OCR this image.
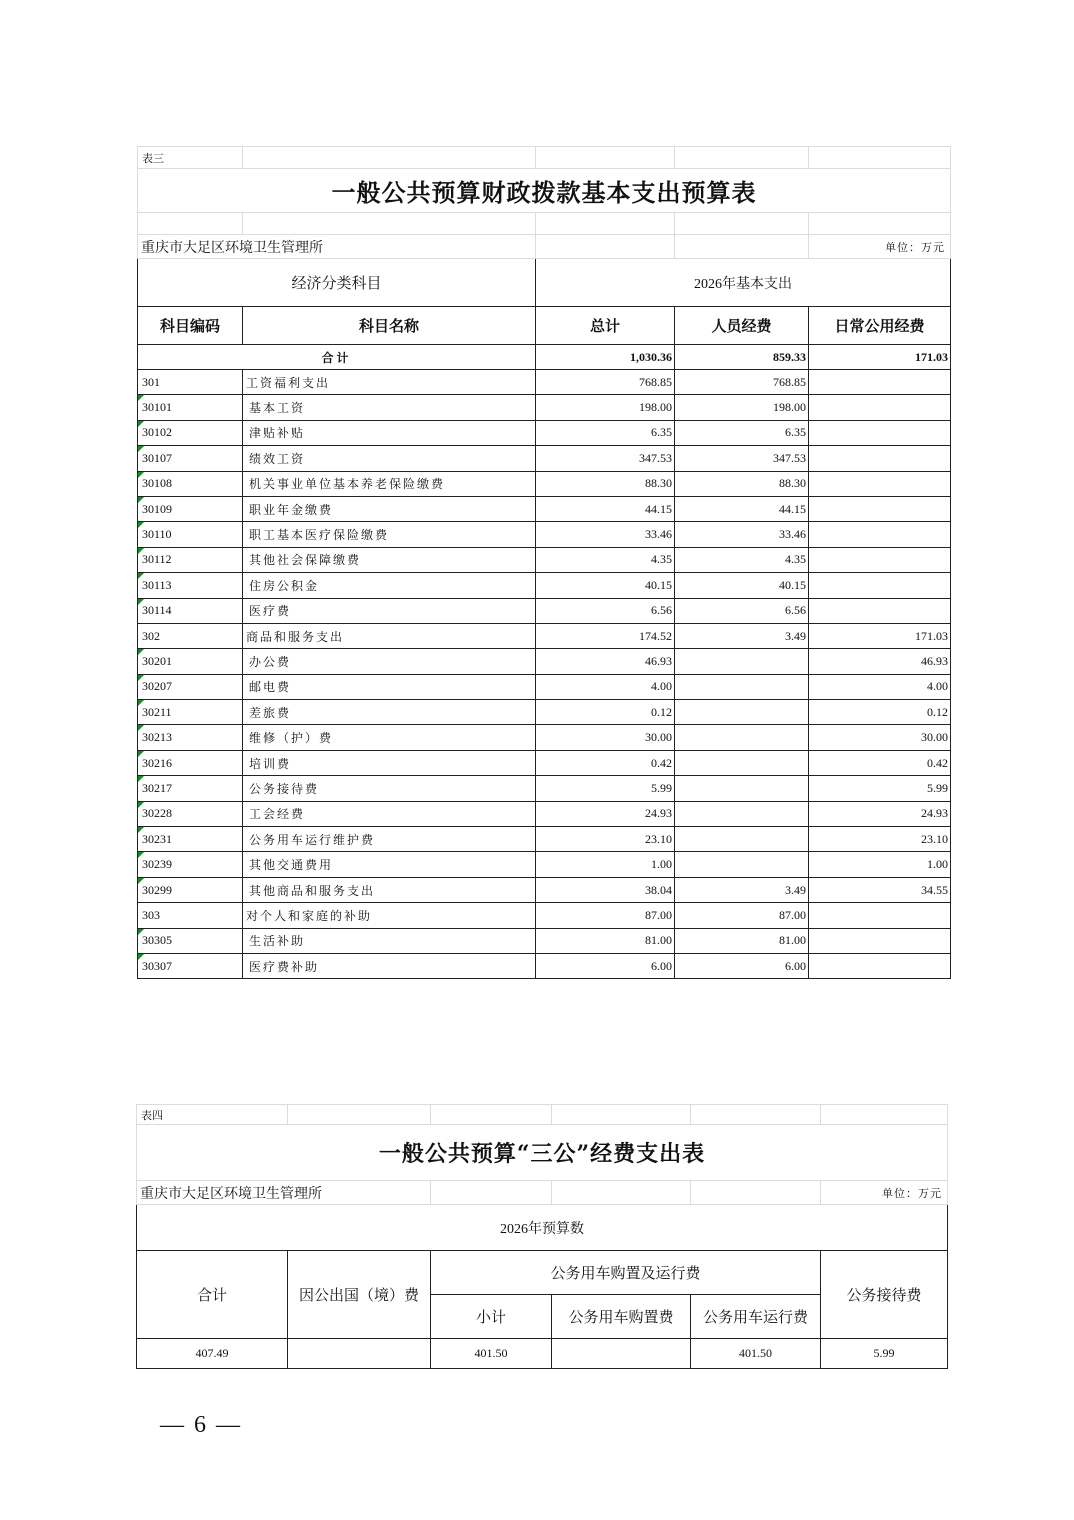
表三				
一般公共预算财政拨款基本支出预算表				

重庆市大足区环境卫生管理所				单位：万元
经济分类科目		2026年基本支出		
科目编码	科目名称	总计	人员经费	日常公用经费
合计		1,030.36	859.33	171.03
301	工资福利支出	768.85	768.85	
30101	基本工资	198.00	198.00	
30102	津贴补贴	6.35	6.35	
30107	绩效工资	347.53	347.53	
30108	机关事业单位基本养老保险缴费	88.30	88.30	
30109	职业年金缴费	44.15	44.15	
30110	职工基本医疗保险缴费	33.46	33.46	
30112	其他社会保障缴费	4.35	4.35	
30113	住房公积金	40.15	40.15	
30114	医疗费	6.56	6.56	
302	商品和服务支出	174.52	3.49	171.03
30201	办公费	46.93		46.93
30207	邮电费	4.00		4.00
30211	差旅费	0.12		0.12
30213	维修（护）费	30.00		30.00
30216	培训费	0.42		0.42
30217	公务接待费	5.99		5.99
30228	工会经费	24.93		24.93
30231	公务用车运行维护费	23.10		23.10
30239	其他交通费用	1.00		1.00
30299	其他商品和服务支出	38.04	3.49	34.55
303	对个人和家庭的补助	87.00	87.00	
30305	生活补助	81.00	81.00	
30307	医疗费补助	6.00	6.00	
表四					
一般公共预算“三公”经费支出表					
重庆市大足区环境卫生管理所					单位：万元
2026年预算数					
合计	因公出国（境）费	公务用车购置及运行费			公务接待费
		小计	公务用车购置费	公务用车运行费	
407.49		401.50		401.50	5.99
— 6 —
